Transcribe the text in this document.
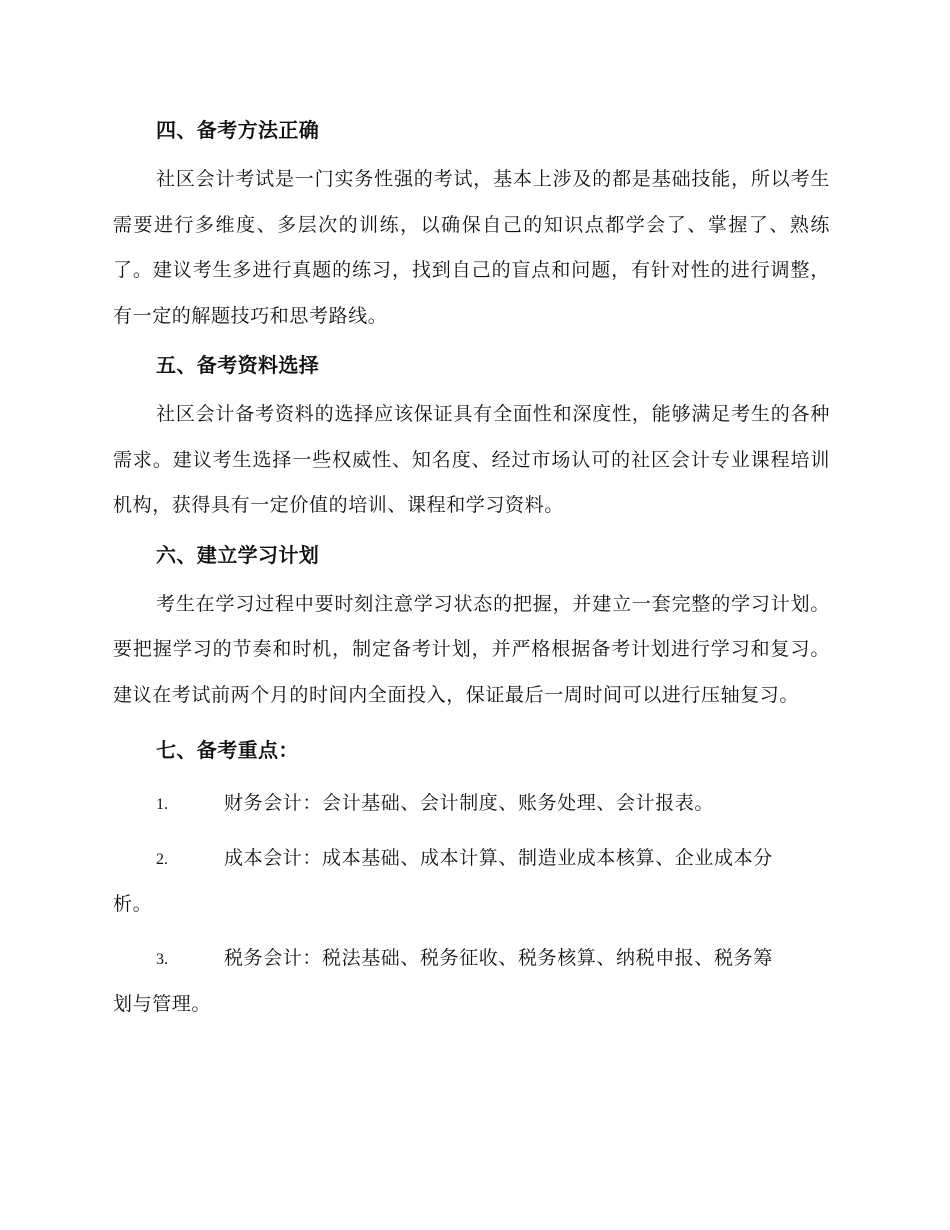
四、备考方法正确

社区会计考试是一门实务性强的考试，基本上涉及的都是基础技能，所以考生需要进行多维度、多层次的训练，以确保自己的知识点都学会了、掌握了、熟练了。建议考生多进行真题的练习，找到自己的盲点和问题，有针对性的进行调整，有一定的解题技巧和思考路线。

五、备考资料选择

社区会计备考资料的选择应该保证具有全面性和深度性，能够满足考生的各种需求。建议考生选择一些权威性、知名度、经过市场认可的社区会计专业课程培训机构，获得具有一定价值的培训、课程和学习资料。

六、建立学习计划

考生在学习过程中要时刻注意学习状态的把握，并建立一套完整的学习计划。要把握学习的节奏和时机，制定备考计划，并严格根据备考计划进行学习和复习。建议在考试前两个月的时间内全面投入，保证最后一周时间可以进行压轴复习。

七、备考重点：
1.	财务会计：会计基础、会计制度、账务处理、会计报表。
2.	成本会计：成本基础、成本计算、制造业成本核算、企业成本分
析。
3.	税务会计：税法基础、税务征收、税务核算、纳税申报、税务筹
划与管理。
